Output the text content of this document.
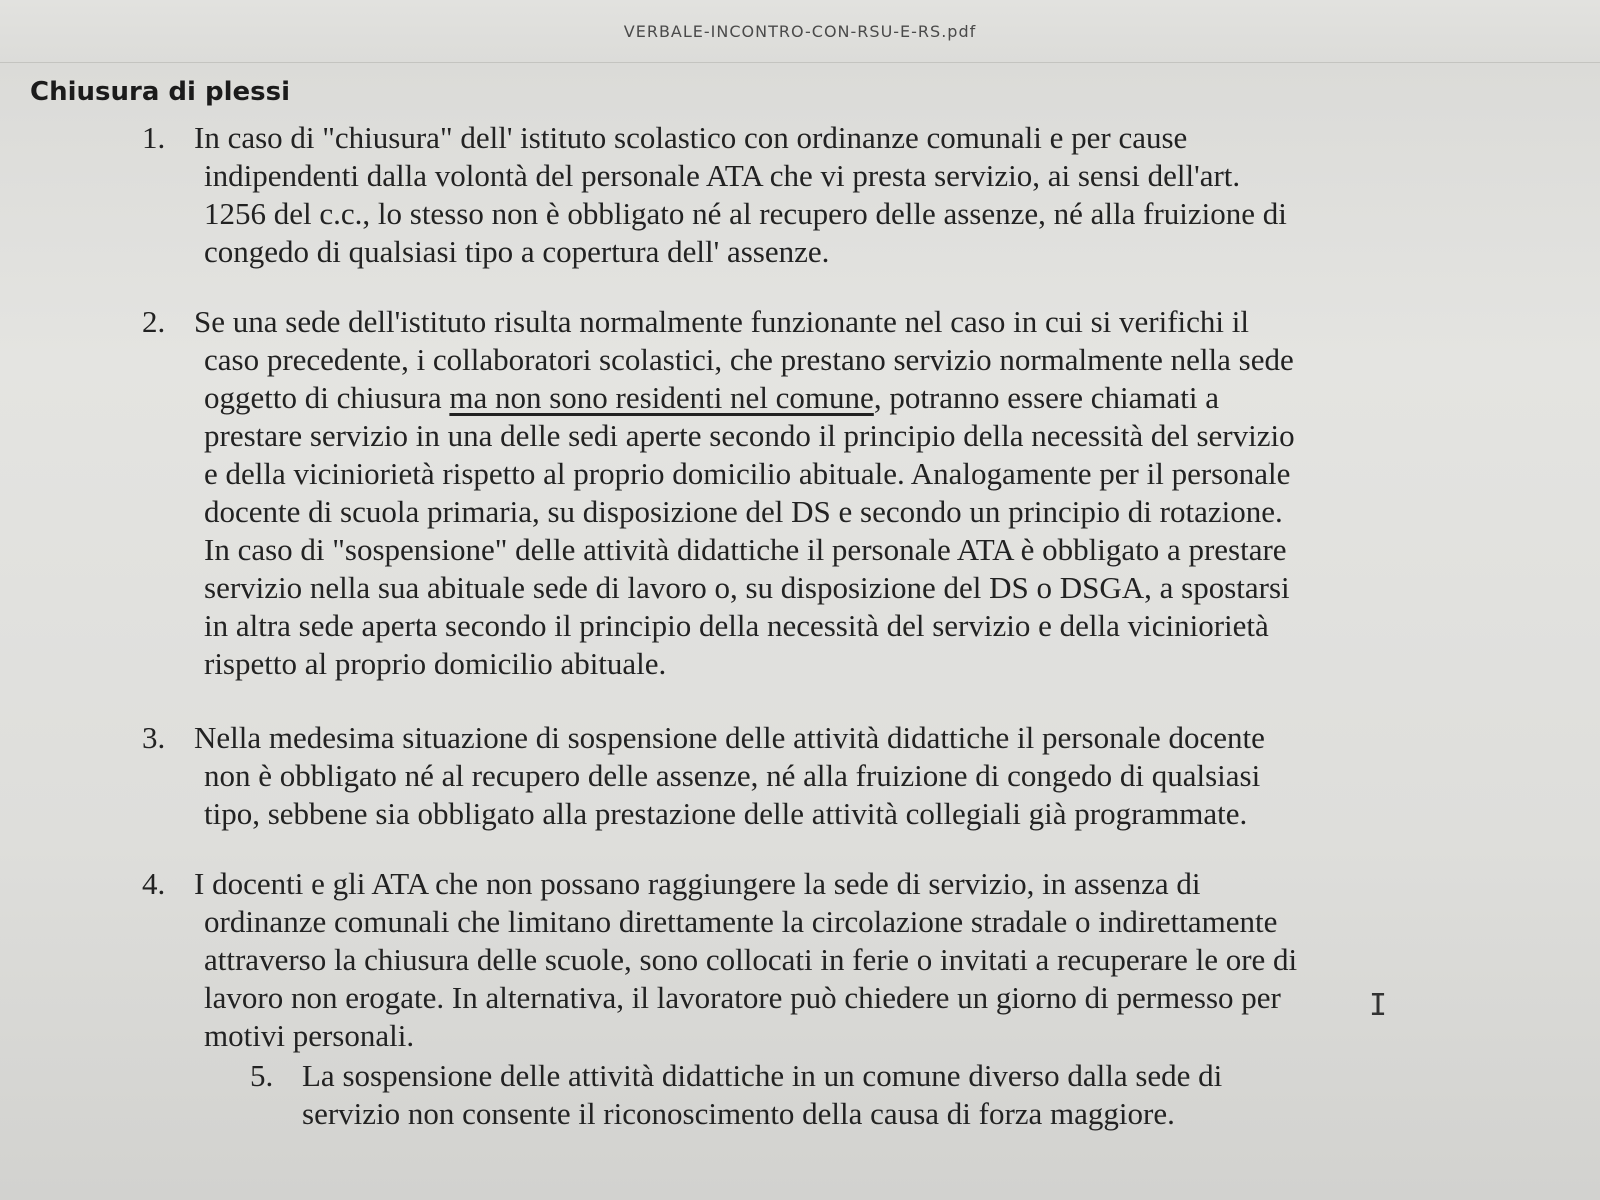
VERBALE-INCONTRO-CON-RSU-E-RS.pdf
Chiusura di plessi
1. In caso di "chiusura" dell' istituto scolastico con ordinanze comunali e per cause
indipendenti dalla volontà del personale ATA che vi presta servizio, ai sensi dell'art.
1256 del c.c., lo stesso non è obbligato né al recupero delle assenze, né alla fruizione di
congedo di qualsiasi tipo a copertura dell' assenze.
2. Se una sede dell'istituto risulta normalmente funzionante nel caso in cui si verifichi il
caso precedente, i collaboratori scolastici, che prestano servizio normalmente nella sede
oggetto di chiusura ma non sono residenti nel comune, potranno essere chiamati a
prestare servizio in una delle sedi aperte secondo il principio della necessità del servizio
e della viciniorietà rispetto al proprio domicilio abituale. Analogamente per il personale
docente di scuola primaria, su disposizione del DS e secondo un principio di rotazione.
In caso di "sospensione" delle attività didattiche il personale ATA è obbligato a prestare
servizio nella sua abituale sede di lavoro o, su disposizione del DS o DSGA, a spostarsi
in altra sede aperta secondo il principio della necessità del servizio e della viciniorietà
rispetto al proprio domicilio abituale.
3. Nella medesima situazione di sospensione delle attività didattiche il personale docente
non è obbligato né al recupero delle assenze, né alla fruizione di congedo di qualsiasi
tipo, sebbene sia obbligato alla prestazione delle attività collegiali già programmate.
4. I docenti e gli ATA che non possano raggiungere la sede di servizio, in assenza di
ordinanze comunali che limitano direttamente la circolazione stradale o indirettamente
attraverso la chiusura delle scuole, sono collocati in ferie o invitati a recuperare le ore di
lavoro non erogate. In alternativa, il lavoratore può chiedere un giorno di permesso per
motivi personali.
5. La sospensione delle attività didattiche in un comune diverso dalla sede di
servizio non consente il riconoscimento della causa di forza maggiore.
I
